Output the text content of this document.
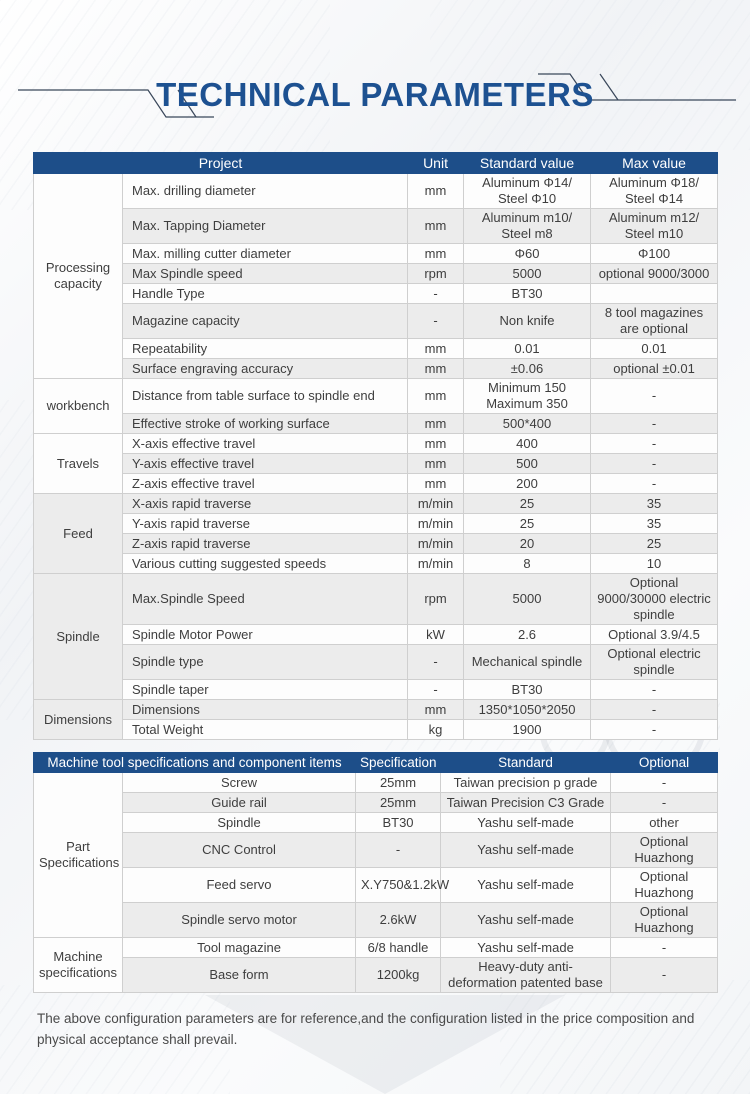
TECHNICAL PARAMETERS
Project		Unit	Standard value	Max value
Processing capacity	Max. drilling diameter	mm	Aluminum Φ14/ Steel Φ10	Aluminum Φ18/ Steel Φ14
	Max. Tapping Diameter	mm	Aluminum m10/ Steel m8	Aluminum m12/ Steel m10
	Max. milling cutter diameter	mm	Φ60	Φ100
	Max Spindle speed	rpm	5000	optional 9000/3000
	Handle Type	-	BT30	
	Magazine capacity	-	Non knife	8 tool magazines are optional
	Repeatability	mm	0.01	0.01
	Surface engraving accuracy	mm	±0.06	optional ±0.01
workbench	Distance from table surface to spindle end	mm	Minimum 150 Maximum 350	-
	Effective stroke of working surface	mm	500*400	-
Travels	X-axis effective travel	mm	400	-
	Y-axis effective travel	mm	500	-
	Z-axis effective travel	mm	200	-
Feed	X-axis rapid traverse	m/min	25	35
	Y-axis rapid traverse	m/min	25	35
	Z-axis rapid traverse	m/min	20	25
	Various cutting suggested speeds	m/min	8	10
Spindle	Max.Spindle Speed	rpm	5000	Optional 9000/30000 electric spindle
	Spindle Motor Power	kW	2.6	Optional 3.9/4.5
	Spindle type	-	Mechanical spindle	Optional electric spindle
	Spindle taper	-	BT30	-
Dimensions	Dimensions	mm	1350*1050*2050	-
	Total Weight	kg	1900	-
Machine tool specifications and component items		Specification	Standard	Optional
Part Specifications	Screw	25mm	Taiwan precision p grade	-
	Guide rail	25mm	Taiwan Precision C3 Grade	-
	Spindle	BT30	Yashu self-made	other
	CNC Control	-	Yashu self-made	Optional Huazhong
	Feed servo	X.Y750&1.2kW	Yashu self-made	Optional Huazhong
	Spindle servo motor	2.6kW	Yashu self-made	Optional Huazhong
Machine specifications	Tool magazine	6/8 handle	Yashu self-made	-
	Base form	1200kg	Heavy-duty anti-deformation patented base	-

The above configuration parameters are for reference,and the configuration listed in the price composition and physical acceptance shall prevail.
